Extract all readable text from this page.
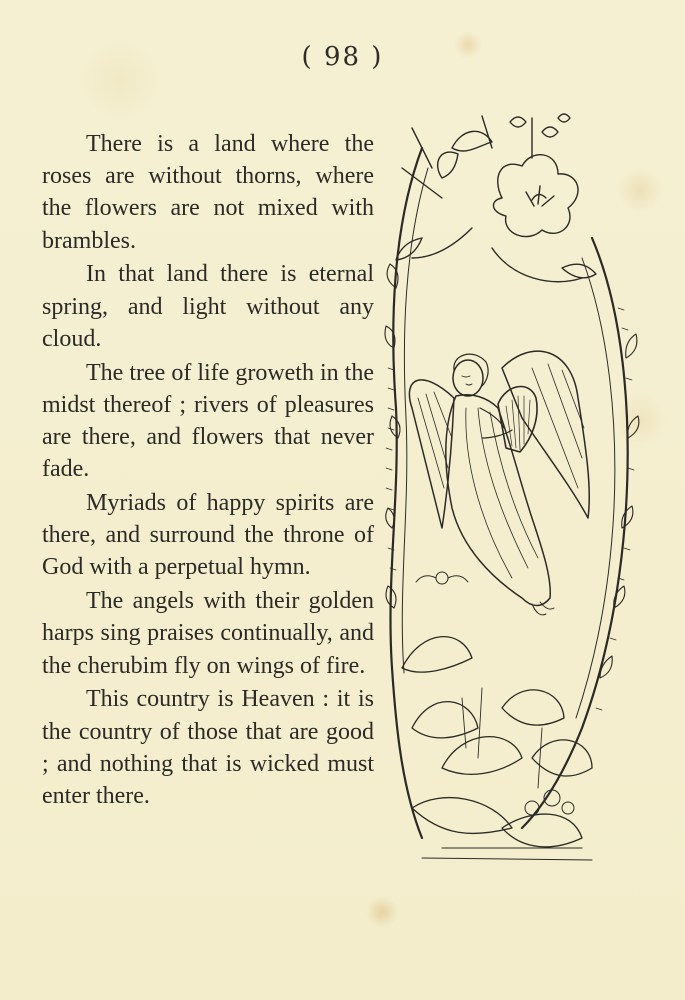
( 98 )

There is a land where the roses are without thorns, where the flowers are not mixed with brambles.

In that land there is eternal spring, and light without any cloud.

The tree of life groweth in the midst thereof ; rivers of pleasures are there, and flowers that never fade.

Myriads of happy spirits are there, and surround the throne of God with a perpetual hymn.

The angels with their golden harps sing praises continually, and the cherubim fly on wings of fire.

This country is Heaven : it is the country of those that are good ; and nothing that is wicked must enter there.
